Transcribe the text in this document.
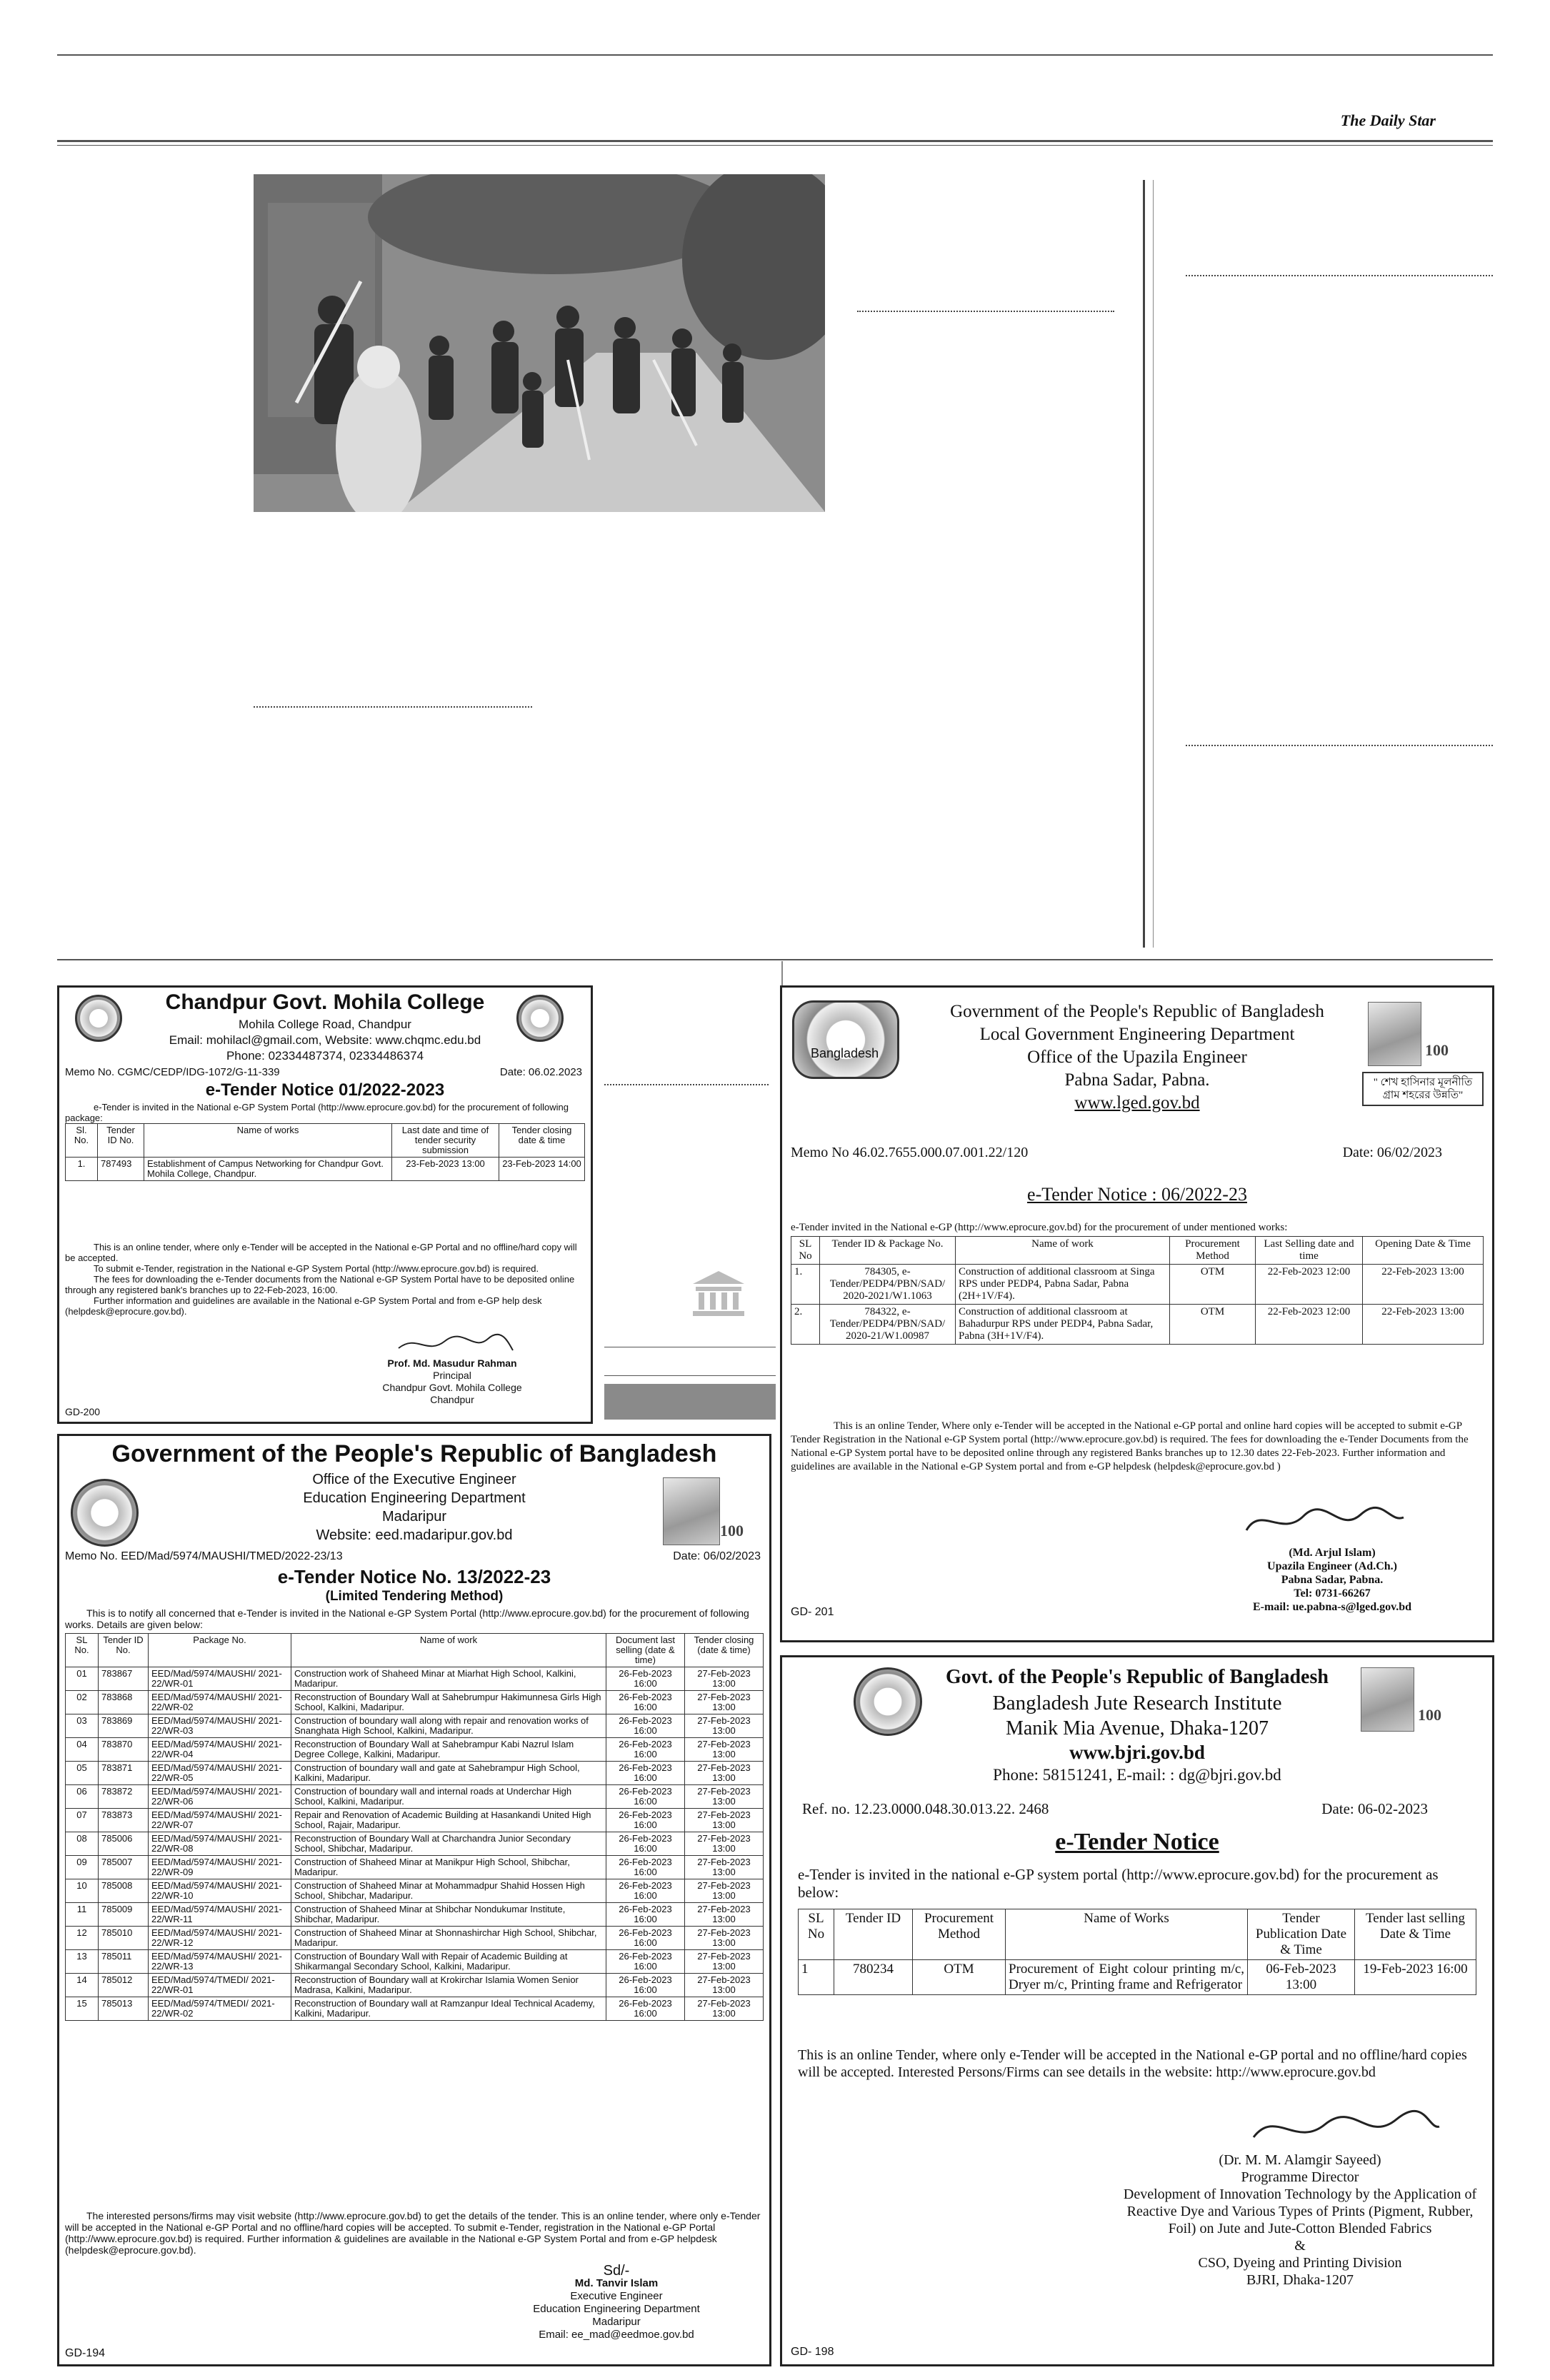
The Daily Star
Chandpur Govt. Mohila College
Mohila College Road, Chandpur
Email: mohilacl@gmail.com, Website: www.chqmc.edu.bd
Phone: 02334487374, 02334486374
Memo No. CGMC/CEDP/IDG-1072/G-11-339	Date: 06.02.2023
e-Tender Notice 01/2022-2023
e-Tender is invited in the National e-GP System Portal (http://www.eprocure.gov.bd) for the procurement of following package:
Sl. No.	Tender ID No.	Name of works	Last date and time of tender security submission	Tender closing date & time
1.	787493	Establishment of Campus Networking for Chandpur Govt. Mohila College, Chandpur.	23-Feb-2023 13:00	23-Feb-2023 14:00
This is an online tender, where only e-Tender will be accepted in the National e-GP Portal and no offline/hard copy will be accepted.
To submit e-Tender, registration in the National e-GP System Portal (http://www.eprocure.gov.bd) is required.
The fees for downloading the e-Tender documents from the National e-GP System Portal have to be deposited online through any registered bank's branches up to 22-Feb-2023, 16:00.
Further information and guidelines are available in the National e-GP System Portal and from e-GP help desk (helpdesk@eprocure.gov.bd).
Prof. Md. Masudur Rahman
Principal
Chandpur Govt. Mohila College
Chandpur
GD-200
100
Government of the People's Republic of Bangladesh
Office of the Executive Engineer
Education Engineering Department
Madaripur
Website: eed.madaripur.gov.bd
Memo No. EED/Mad/5974/MAUSHI/TMED/2022-23/13	Date: 06/02/2023
e-Tender Notice No. 13/2022-23
(Limited Tendering Method)
This is to notify all concerned that e-Tender is invited in the National e-GP System Portal (http://www.eprocure.gov.bd) for the procurement of following works. Details are given below:
SL No.	Tender ID No.	Package No.	Name of work	Document last selling (date & time)	Tender closing (date & time)
01	783867	EED/Mad/5974/MAUSHI/ 2021-22/WR-01	Construction work of Shaheed Minar at Miarhat High School, Kalkini, Madaripur.	26-Feb-2023 16:00	27-Feb-2023 13:00
02	783868	EED/Mad/5974/MAUSHI/ 2021-22/WR-02	Reconstruction of Boundary Wall at Sahebrumpur Hakimunnesa Girls High School, Kalkini, Madaripur.	26-Feb-2023 16:00	27-Feb-2023 13:00
03	783869	EED/Mad/5974/MAUSHI/ 2021-22/WR-03	Construction of boundary wall along with repair and renovation works of Snanghata High School, Kalkini, Madaripur.	26-Feb-2023 16:00	27-Feb-2023 13:00
04	783870	EED/Mad/5974/MAUSHI/ 2021-22/WR-04	Reconstruction of Boundary Wall at Sahebrampur Kabi Nazrul Islam Degree College, Kalkini, Madaripur.	26-Feb-2023 16:00	27-Feb-2023 13:00
05	783871	EED/Mad/5974/MAUSHI/ 2021-22/WR-05	Construction of boundary wall and gate at Sahebrampur High School, Kalkini, Madaripur.	26-Feb-2023 16:00	27-Feb-2023 13:00
06	783872	EED/Mad/5974/MAUSHI/ 2021-22/WR-06	Construction of boundary wall and internal roads at Underchar High School, Kalkini, Madaripur.	26-Feb-2023 16:00	27-Feb-2023 13:00
07	783873	EED/Mad/5974/MAUSHI/ 2021-22/WR-07	Repair and Renovation of Academic Building at Hasankandi United High School, Rajair, Madaripur.	26-Feb-2023 16:00	27-Feb-2023 13:00
08	785006	EED/Mad/5974/MAUSHI/ 2021-22/WR-08	Reconstruction of Boundary Wall at Charchandra Junior Secondary School, Shibchar, Madaripur.	26-Feb-2023 16:00	27-Feb-2023 13:00
09	785007	EED/Mad/5974/MAUSHI/ 2021-22/WR-09	Construction of Shaheed Minar at Manikpur High School, Shibchar, Madaripur.	26-Feb-2023 16:00	27-Feb-2023 13:00
10	785008	EED/Mad/5974/MAUSHI/ 2021-22/WR-10	Construction of Shaheed Minar at Mohammadpur Shahid Hossen High School, Shibchar, Madaripur.	26-Feb-2023 16:00	27-Feb-2023 13:00
11	785009	EED/Mad/5974/MAUSHI/ 2021-22/WR-11	Construction of Shaheed Minar at Shibchar Nondukumar Institute, Shibchar, Madaripur.	26-Feb-2023 16:00	27-Feb-2023 13:00
12	785010	EED/Mad/5974/MAUSHI/ 2021-22/WR-12	Construction of Shaheed Minar at Shonnashirchar High School, Shibchar, Madaripur.	26-Feb-2023 16:00	27-Feb-2023 13:00
13	785011	EED/Mad/5974/MAUSHI/ 2021-22/WR-13	Construction of Boundary Wall with Repair of Academic Building at Shikarmangal Secondary School, Kalkini, Madaripur.	26-Feb-2023 16:00	27-Feb-2023 13:00
14	785012	EED/Mad/5974/TMEDI/ 2021-22/WR-01	Reconstruction of Boundary wall at Krokirchar Islamia Women Senior Madrasa, Kalkini, Madaripur.	26-Feb-2023 16:00	27-Feb-2023 13:00
15	785013	EED/Mad/5974/TMEDI/ 2021-22/WR-02	Reconstruction of Boundary wall at Ramzanpur Ideal Technical Academy, Kalkini, Madaripur.	26-Feb-2023 16:00	27-Feb-2023 13:00
The interested persons/firms may visit website (http://www.eprocure.gov.bd) to get the details of the tender. This is an online tender, where only e-Tender will be accepted in the National e-GP Portal and no offline/hard copies will be accepted. To submit e-Tender, registration in the National e-GP Portal (http://www.eprocure.gov.bd) is required. Further information & guidelines are available in the National e-GP System Portal and from e-GP helpdesk (helpdesk@eprocure.gov.bd).
Sd/-
Md. Tanvir Islam
Executive Engineer
Education Engineering Department
Madaripur
Email: ee_mad@eedmoe.gov.bd
GD-194
Bangladesh	100
" শেখ হাসিনার মূলনীতি গ্রাম শহরের উন্নতি"
Government of the People's Republic of Bangladesh
Local Government Engineering Department
Office of the Upazila Engineer
Pabna Sadar, Pabna.
www.lged.gov.bd
Memo No 46.02.7655.000.07.001.22/120	Date: 06/02/2023
e-Tender Notice : 06/2022-23
e-Tender invited in the National e-GP (http://www.eprocure.gov.bd) for the procurement of under mentioned works:
SL No	Tender ID & Package No.	Name of work	Procurement Method	Last Selling date and time	Opening Date & Time
1.	784305, e-Tender/PEDP4/PBN/SAD/ 2020-2021/W1.1063	Construction of additional classroom at Singa RPS under PEDP4, Pabna Sadar, Pabna (2H+1V/F4).	OTM	22-Feb-2023 12:00	22-Feb-2023 13:00
2.	784322, e-Tender/PEDP4/PBN/SAD/ 2020-21/W1.00987	Construction of additional classroom at Bahadurpur RPS under PEDP4, Pabna Sadar, Pabna (3H+1V/F4).	OTM	22-Feb-2023 12:00	22-Feb-2023 13:00
This is an online Tender, Where only e-Tender will be accepted in the National e-GP portal and online hard copies will be accepted to submit e-GP Tender Registration in the National e-GP System portal (http://www.eprocure.gov.bd) is required. The fees for downloading the e-Tender Documents from the National e-GP System portal have to be deposited online through any registered Banks branches up to 12.30 dates 22-Feb-2023. Further information and guidelines are available in the National e-GP System portal and from e-GP helpdesk (helpdesk@eprocure.gov.bd )
(Md. Arjul Islam)
Upazila Engineer (Ad.Ch.)
Pabna Sadar, Pabna.
Tel: 0731-66267
E-mail: ue.pabna-s@lged.gov.bd
GD- 201
100
Govt. of the People's Republic of Bangladesh
Bangladesh Jute Research Institute
Manik Mia Avenue, Dhaka-1207
www.bjri.gov.bd
Phone: 58151241, E-mail: : dg@bjri.gov.bd
Ref. no. 12.23.0000.048.30.013.22. 2468	Date: 06-02-2023
e-Tender Notice
e-Tender is invited in the national e-GP system portal (http://www.eprocure.gov.bd) for the procurement as below:
SL No	Tender ID	Procurement Method	Name of Works	Tender Publication Date & Time	Tender last selling Date & Time
1	780234	OTM	Procurement of Eight colour printing m/c, Dryer m/c, Printing frame and Refrigerator	06-Feb-2023 13:00	19-Feb-2023 16:00
This is an online Tender, where only e-Tender will be accepted in the National e-GP portal and no offline/hard copies will be accepted. Interested Persons/Firms can see details in the website: http://www.eprocure.gov.bd
(Dr. M. M. Alamgir Sayeed)
Programme Director
Development of Innovation Technology by the Application of Reactive Dye and Various Types of Prints (Pigment, Rubber, Foil) on Jute and Jute-Cotton Blended Fabrics
&
CSO, Dyeing and Printing Division
BJRI, Dhaka-1207
GD- 198
